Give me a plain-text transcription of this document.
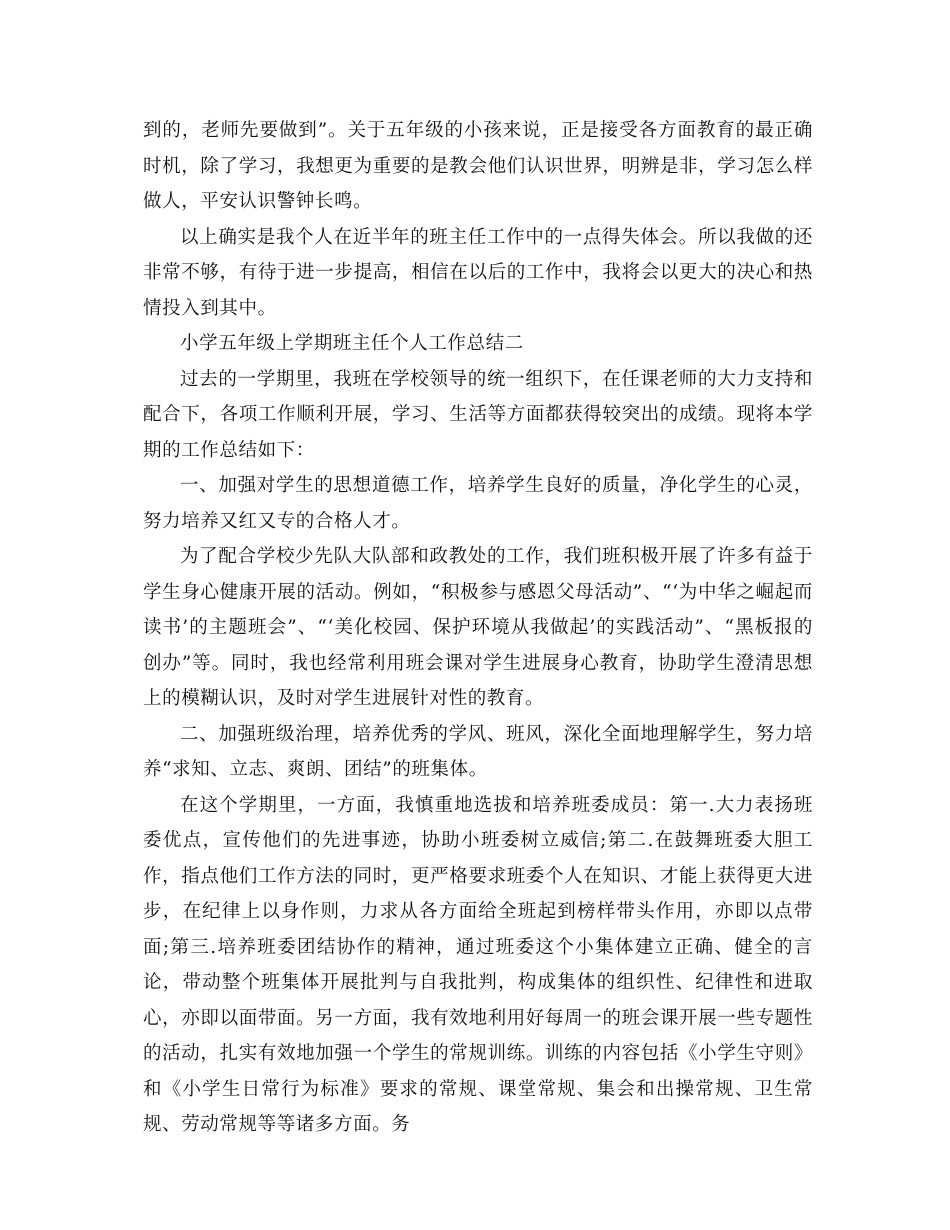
到的，老师先要做到”。关于五年级的小孩来说，正是接受各方面教育的最正确时机，除了学习，我想更为重要的是教会他们认识世界，明辨是非，学习怎么样做人，平安认识警钟长鸣。

以上确实是我个人在近半年的班主任工作中的一点得失体会。所以我做的还非常不够，有待于进一步提高，相信在以后的工作中，我将会以更大的决心和热情投入到其中。

小学五年级上学期班主任个人工作总结二

过去的一学期里，我班在学校领导的统一组织下，在任课老师的大力支持和配合下，各项工作顺利开展，学习、生活等方面都获得较突出的成绩。现将本学期的工作总结如下：

一、加强对学生的思想道德工作，培养学生良好的质量，净化学生的心灵，努力培养又红又专的合格人才。

为了配合学校少先队大队部和政教处的工作，我们班积极开展了许多有益于学生身心健康开展的活动。例如，“积极参与感恩父母活动”、“‘为中华之崛起而读书’的主题班会”、“‘美化校园、保护环境从我做起’的实践活动”、“黑板报的创办”等。同时，我也经常利用班会课对学生进展身心教育，协助学生澄清思想上的模糊认识，及时对学生进展针对性的教育。

二、加强班级治理，培养优秀的学风、班风，深化全面地理解学生，努力培养“求知、立志、爽朗、团结”的班集体。

在这个学期里，一方面，我慎重地选拔和培养班委成员：第一.大力表扬班委优点，宣传他们的先进事迹，协助小班委树立威信;第二.在鼓舞班委大胆工作，指点他们工作方法的同时，更严格要求班委个人在知识、才能上获得更大进步，在纪律上以身作则，力求从各方面给全班起到榜样带头作用，亦即以点带面;第三.培养班委团结协作的精神，通过班委这个小集体建立正确、健全的言论，带动整个班集体开展批判与自我批判，构成集体的组织性、纪律性和进取心，亦即以面带面。另一方面，我有效地利用好每周一的班会课开展一些专题性的活动，扎实有效地加强一个学生的常规训练。训练的内容包括《小学生守则》和《小学生日常行为标准》要求的常规、课堂常规、集会和出操常规、卫生常规、劳动常规等等诸多方面。务
